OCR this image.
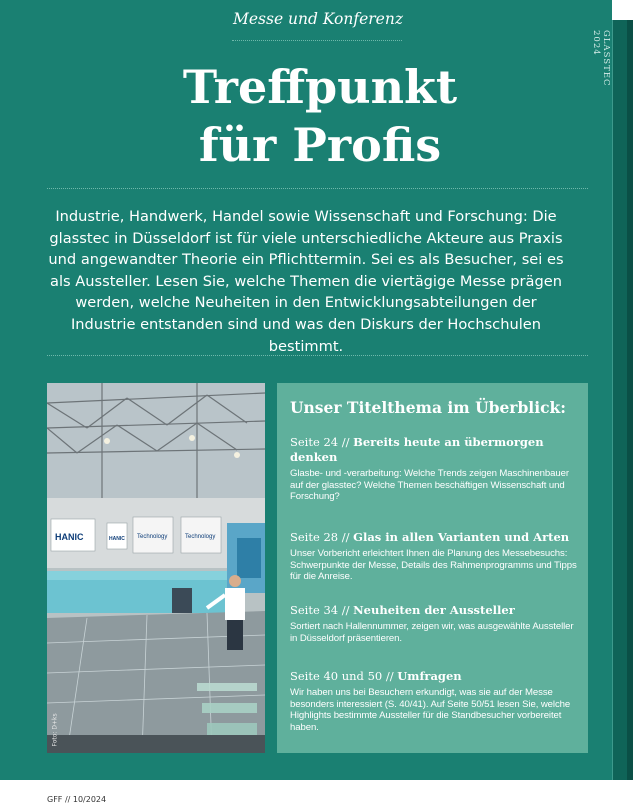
GLASSTEC 2024
Messe und Konferenz
Treffpunkt
für Profis

Industrie, Handwerk, Handel sowie Wissenschaft und Forschung: Die glasstec in Düsseldorf ist für viele unterschiedliche Akteure aus Praxis und angewandter Theorie ein Pflichttermin. Sei es als Besucher, sei es als Aussteller. Lesen Sie, welche Themen die viertägige Messe prägen werden, welche Neuheiten in den Entwicklungsabteilungen der Industrie entstanden sind und was den Diskurs der Hochschulen bestimmt.

HANIC	Technology	Technology
HANIC
Foto: D+ks
Unser Titelthema im Überblick:
Seite 24 // Bereits heute an übermorgen denken
Glasbe- und -verarbeitung: Welche Trends zeigen Maschinenbauer auf der glasstec? Welche Themen beschäftigen Wissenschaft und Forschung?
Seite 28 // Glas in allen Varianten und Arten
Unser Vorbericht erleichtert Ihnen die Planung des Messebesuchs: Schwerpunkte der Messe, Details des Rahmenprogramms und Tipps für die Anreise.
Seite 34 // Neuheiten der Aussteller
Sortiert nach Hallennummer, zeigen wir, was ausgewählte Aussteller in Düsseldorf präsentieren.
Seite 40 und 50 // Umfragen
Wir haben uns bei Besuchern erkundigt, was sie auf der Messe besonders interessiert (S. 40/41). Auf Seite 50/51 lesen Sie, welche Highlights bestimmte Aussteller für die Standbesucher vorbereitet haben.
GFF // 10/2024
